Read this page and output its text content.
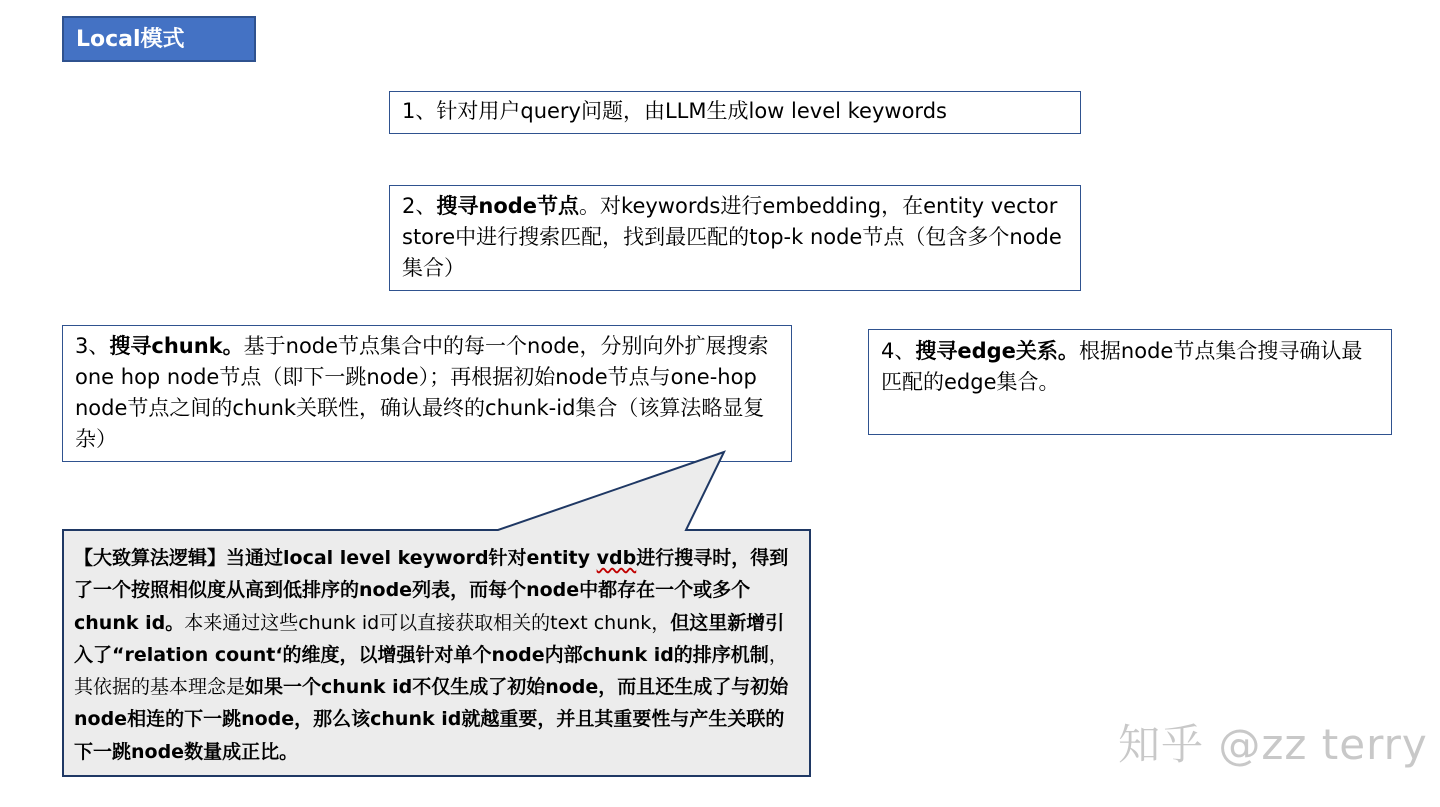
Local模式
1、针对用户query问题，由LLM生成low level keywords
2、搜寻node节点。对keywords进行embedding，在entity vector store中进行搜索匹配，找到最匹配的top-k node节点（包含多个node集合）
3、搜寻chunk。基于node节点集合中的每一个node，分别向外扩展搜索one hop node节点（即下一跳node）；再根据初始node节点与one-hop node节点之间的chunk关联性，确认最终的chunk-id集合（该算法略显复杂）
4、搜寻edge关系。根据node节点集合搜寻确认最匹配的edge集合。
【大致算法逻辑】当通过local level keyword针对entity vdb进行搜寻时，得到了一个按照相似度从高到低排序的node列表，而每个node中都存在一个或多个chunk id。本来通过这些chunk id可以直接获取相关的text chunk，但这里新增引入了“relation count‘的维度，以增强针对单个node内部chunk id的排序机制，其依据的基本理念是如果一个chunk id不仅生成了初始node，而且还生成了与初始node相连的下一跳node，那么该chunk id就越重要，并且其重要性与产生关联的下一跳node数量成正比。	知乎 @zz terry
